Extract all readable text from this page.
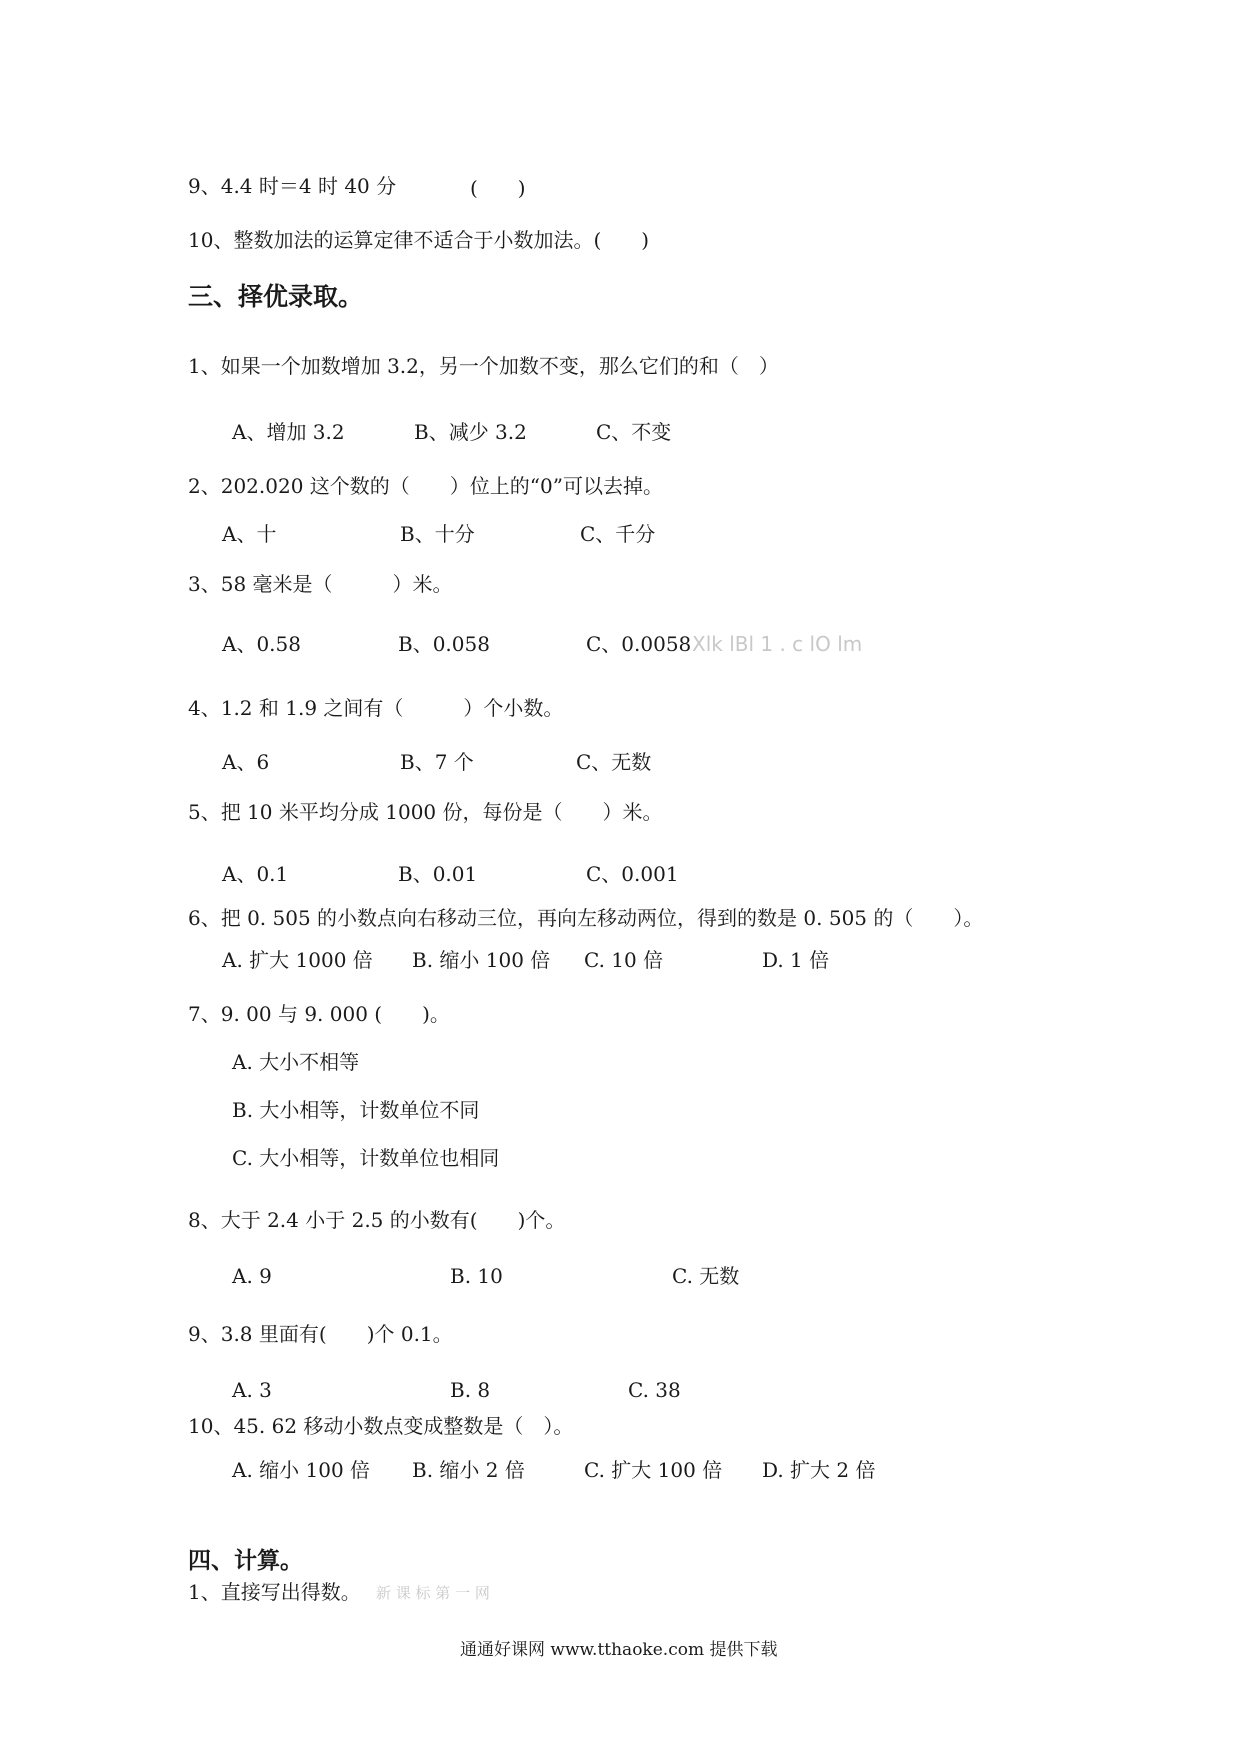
9、4.4 时＝4 时 40 分	(　　)
10、整数加法的运算定律不适合于小数加法。(　　)
三、择优录取。
1、如果一个加数增加 3.2，另一个加数不变，那么它们的和（　）
A、增加 3.2	B、减少 3.2	C、不变
2、202.020 这个数的（　　）位上的“0”可以去掉。
A、十	B、十分	C、千分
3、58 毫米是（　　　）米。
A、0.58	B、0.058	C、0.0058 Xlk lBl 1 . c lO lm
4、1.2 和 1.9 之间有（　　　）个小数。
A、6	B、7 个	C、无数
5、把 10 米平均分成 1000 份，每份是（　　）米。
A、0.1	B、0.01	C、0.001
6、把 0. 505 的小数点向右移动三位，再向左移动两位，得到的数是 0. 505 的（　　）。
A. 扩大 1000 倍 B. 缩小 100 倍 C. 10 倍	D. 1 倍
7、9. 00 与 9. 000 (　　)。
A. 大小不相等
B. 大小相等，计数单位不同
C. 大小相等，计数单位也相同
8、大于 2.4 小于 2.5 的小数有(　　)个。
A. 9	B. 10	C. 无数
9、3.8 里面有(　　)个 0.1。
A. 3	B. 8	C. 38
10、45. 62 移动小数点变成整数是（　）。
A. 缩小 100 倍 B. 缩小 2 倍	C. 扩大 100 倍 D. 扩大 2 倍
四、计算。
1、直接写出得数。 新 课 标 第 一 网
通通好课网 www.tthaoke.com 提供下载
